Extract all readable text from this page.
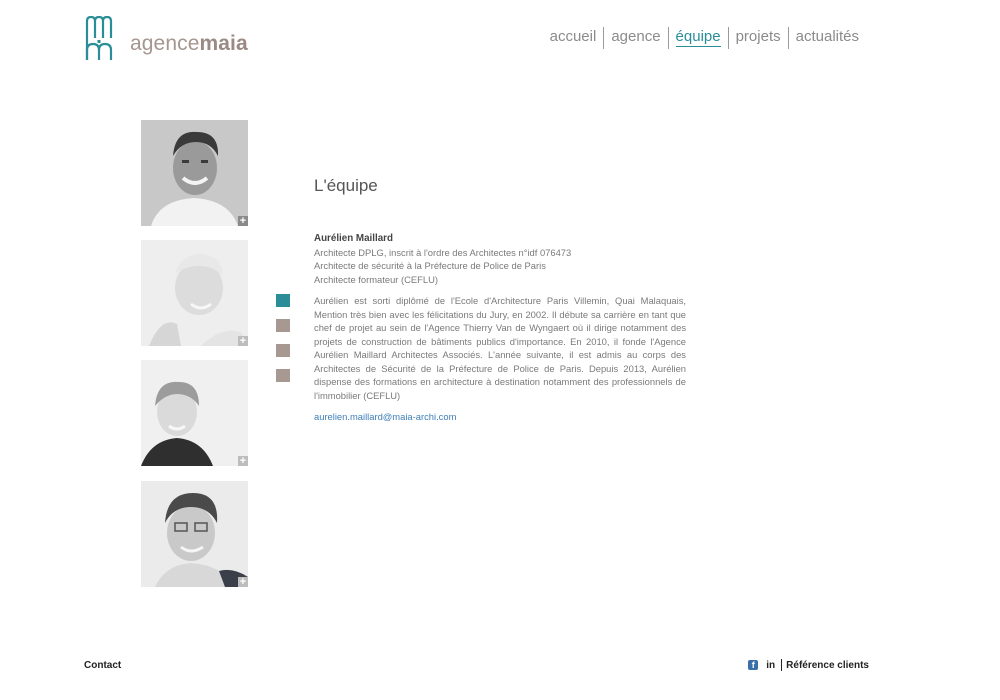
agencemaia	accueil	agence	équipe	projets	actualités
+
+
+
+
L'équipe
Aurélien Maillard
Architecte DPLG, inscrit à l'ordre des Architectes n°idf 076473
Architecte de sécurité à la Préfecture de Police de Paris
Architecte formateur (CEFLU)
Aurélien est sorti diplômé de l'Ecole d'Architecture Paris Villemin, Quai Malaquais, Mention très bien avec les félicitations du Jury, en 2002. Il débute sa carrière en tant que chef de projet au sein de l'Agence Thierry Van de Wyngaert où il dirige notamment des projets de construction de bâtiments publics d'importance. En 2010, il fonde l'Agence Aurélien Maillard Architectes Associés. L'année suivante, il est admis au corps des Architectes de Sécurité de la Préfecture de Police de Paris. Depuis 2013, Aurélien dispense des formations en architecture à destination notamment des professionnels de l'immobilier (CEFLU)
aurelien.maillard@maia-archi.com
Contact	f	in Référence clients
